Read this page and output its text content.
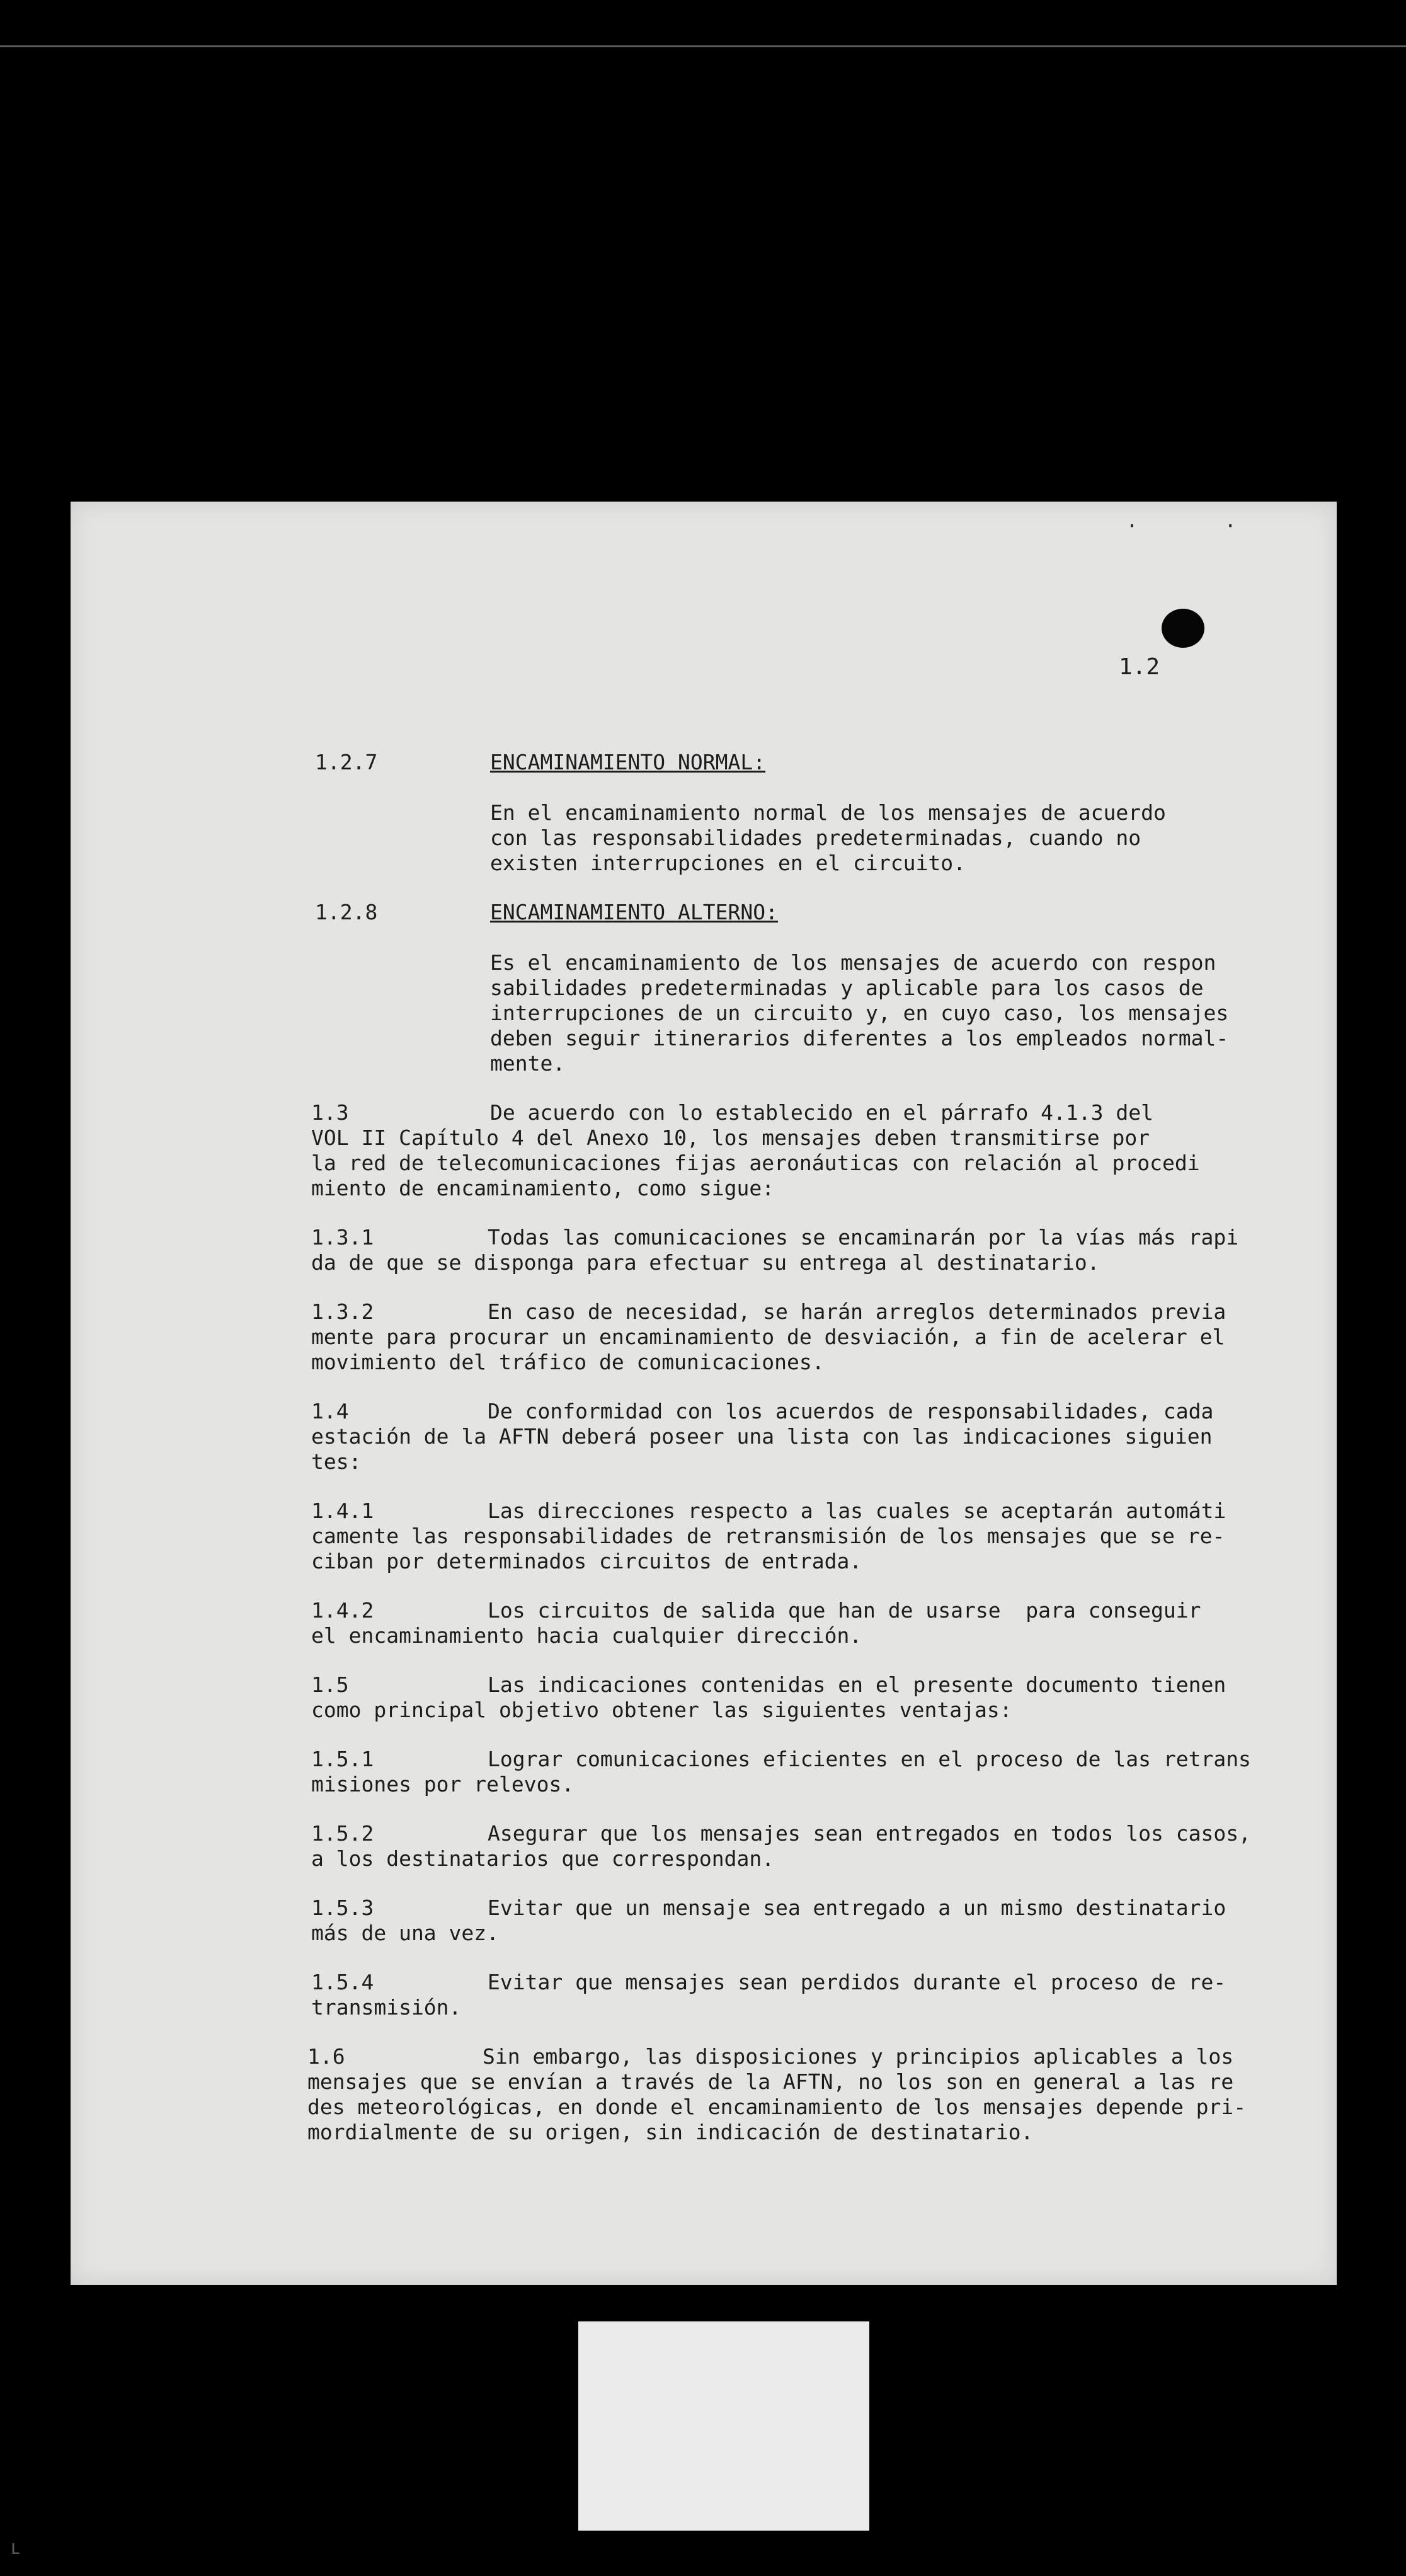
· ·
1.2
1.2.7	ENCAMINAMIENTO NORMAL:
En el encaminamiento normal de los mensajes de acuerdo
con las responsabilidades predeterminadas, cuando no
existen interrupciones en el circuito.
1.2.8	ENCAMINAMIENTO ALTERNO:
Es el encaminamiento de los mensajes de acuerdo con respon
sabilidades predeterminadas y aplicable para los casos de
interrupciones de un circuito y, en cuyo caso, los mensajes
deben seguir itinerarios diferentes a los empleados normal-
mente.
1.3	De acuerdo con lo establecido en el párrafo 4.1.3 del
VOL II Capítulo 4 del Anexo 10, los mensajes deben transmitirse por
la red de telecomunicaciones fijas aeronáuticas con relación al procedi
miento de encaminamiento, como sigue:
1.3.1	Todas las comunicaciones se encaminarán por la vías más rapi
da de que se disponga para efectuar su entrega al destinatario.
1.3.2	En caso de necesidad, se harán arreglos determinados previa
mente para procurar un encaminamiento de desviación, a fin de acelerar el
movimiento del tráfico de comunicaciones.
1.4	De conformidad con los acuerdos de responsabilidades, cada
estación de la AFTN deberá poseer una lista con las indicaciones siguien
tes:
1.4.1	Las direcciones respecto a las cuales se aceptarán automáti
camente las responsabilidades de retransmisión de los mensajes que se re-
ciban por determinados circuitos de entrada.
1.4.2	Los circuitos de salida que han de usarse  para conseguir
el encaminamiento hacia cualquier dirección.
1.5	Las indicaciones contenidas en el presente documento tienen
como principal objetivo obtener las siguientes ventajas:
1.5.1	Lograr comunicaciones eficientes en el proceso de las retrans
misiones por relevos.
1.5.2	Asegurar que los mensajes sean entregados en todos los casos,
a los destinatarios que correspondan.
1.5.3	Evitar que un mensaje sea entregado a un mismo destinatario
más de una vez.
1.5.4	Evitar que mensajes sean perdidos durante el proceso de re-
transmisión.
1.6	Sin embargo, las disposiciones y principios aplicables a los
mensajes que se envían a través de la AFTN, no los son en general a las re
des meteorológicas, en donde el encaminamiento de los mensajes depende pri-
mordialmente de su origen, sin indicación de destinatario.
ʟ
